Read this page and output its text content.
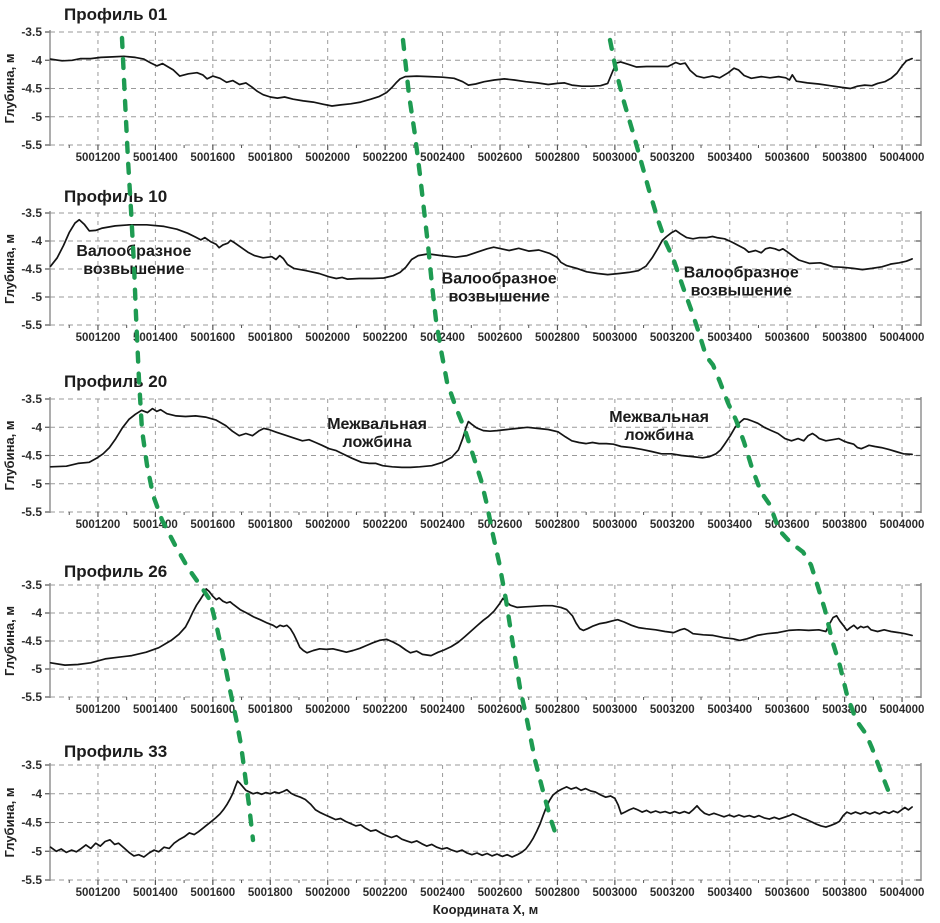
-3.5
-4
-4.5
-5
-5.5
5001200 5001400 5001600 5001800 5002000 5002200 5002400 5002600 5002800 5003000 5003200 5003400 5003600 5003800 5004000
Профиль 01
Глубина, м
-3.5
-4
-4.5
-5
-5.5
5001200 5001400 5001600 5001800 5002000 5002200 5002400 5002600 5002800 5003000 5003200 5003400 5003600 5003800 5004000
Профиль 10
Глубина, м	Валообразное
возвышение
Валообразное
возвышение
Валообразное
возвышение
-3.5
-4
-4.5
-5
-5.5
5001200 5001400 5001600 5001800 5002000 5002200 5002400 5002600 5002800 5003000 5003200 5003400 5003600 5003800 5004000
Профиль 20
Глубина, м	Межвальная
ложбина
Межвальная
ложбина
-3.5
-4
-4.5
-5
-5.5
5001200 5001400 5001600 5001800 5002000 5002200 5002400 5002600 5002800 5003000 5003200 5003400 5003600 5003800 5004000
Профиль 26
Глубина, м
-3.5
-4
-4.5
-5
-5.5
5001200 5001400 5001600 5001800 5002000 5002200 5002400 5002600 5002800 5003000 5003200 5003400 5003600 5003800 5004000
Профиль 33
Глубина, м
Координата X, м
